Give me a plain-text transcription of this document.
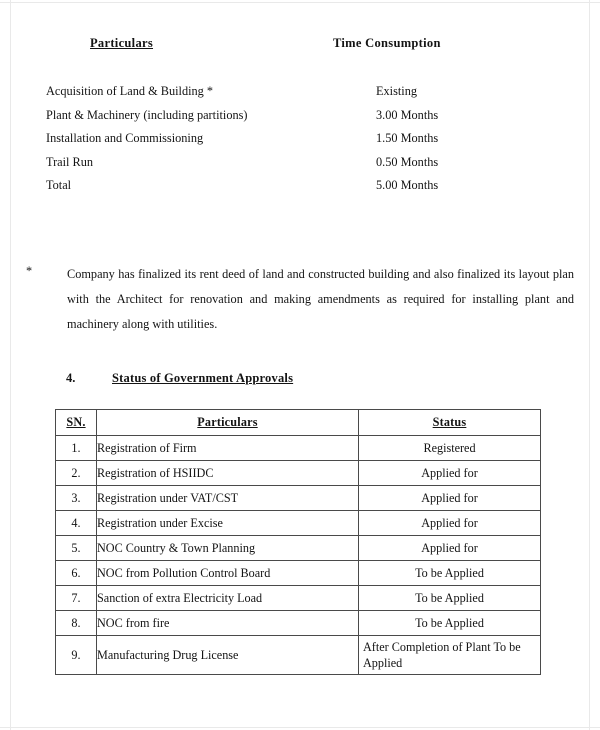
Particulars	Time Consumption
Acquisition of Land & Building *	Existing
Plant & Machinery (including partitions)	3.00 Months
Installation and Commissioning	1.50 Months
Trail Run	0.50 Months
Total	5.00 Months
*	Company has finalized its rent deed of land and constructed building and also finalized its layout plan with the Architect for renovation and making amendments as required for installing plant and machinery along with utilities.
4.	Status of Government Approvals
SN.	Particulars	Status
1.	Registration of Firm	Registered
2.	Registration of HSIIDC	Applied for
3.	Registration under VAT/CST	Applied for
4.	Registration under Excise	Applied for
5.	NOC Country & Town Planning	Applied for
6.	NOC from Pollution Control Board	To be Applied
7.	Sanction of extra Electricity Load	To be Applied
8.	NOC from fire	To be Applied
9.	Manufacturing Drug License	After Completion of Plant To be Applied
